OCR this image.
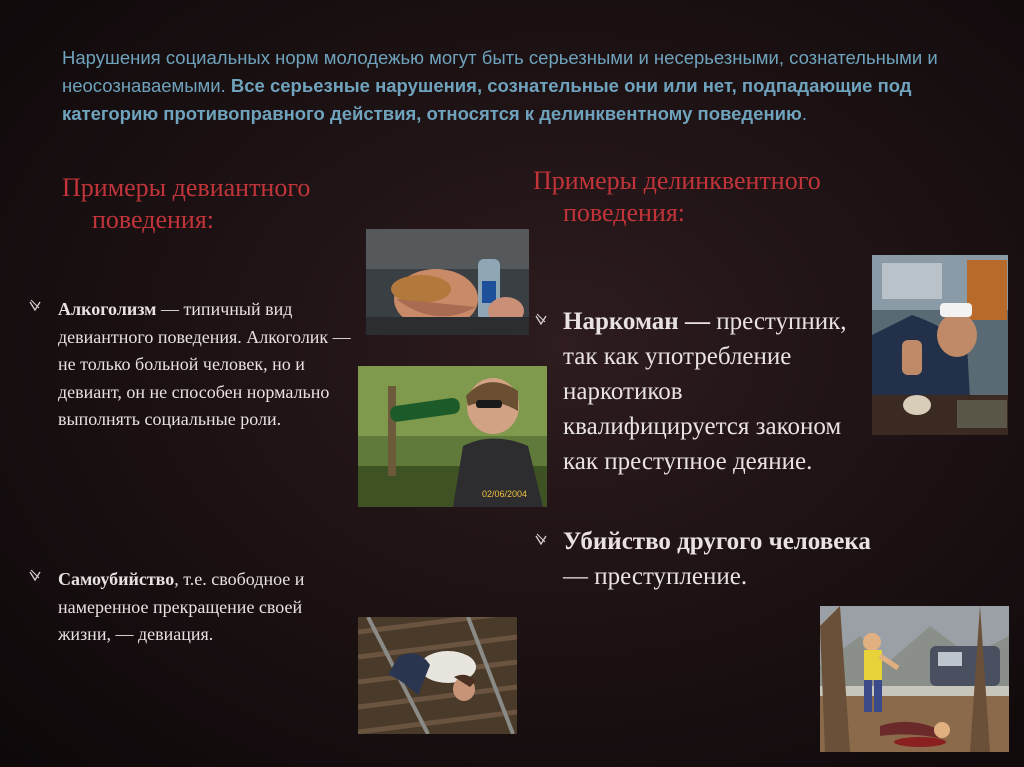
Нарушения социальных норм молодежью могут быть серьезными и несерьезными, сознательными и неосознаваемыми. Все серьезные нарушения, сознательные они или нет, подпадающие под категорию противоправного действия, относятся к делинквентному поведению.

Примеры девиантного
поведения:
Примеры делинквентного
поведения:
Алкоголизм — типичный вид девиантного поведения. Алкоголик — не только больной человек, но и девиант, он не способен нормально выполнять социальные роли.
Самоубийство, т.е. свободное и намеренное прекращение своей жизни, — девиация.
Наркоман — преступник,
так как употребление
наркотиков
квалифицируется законом
как преступное деяние.
Убийство другого человека — преступление.
02/06/2004
